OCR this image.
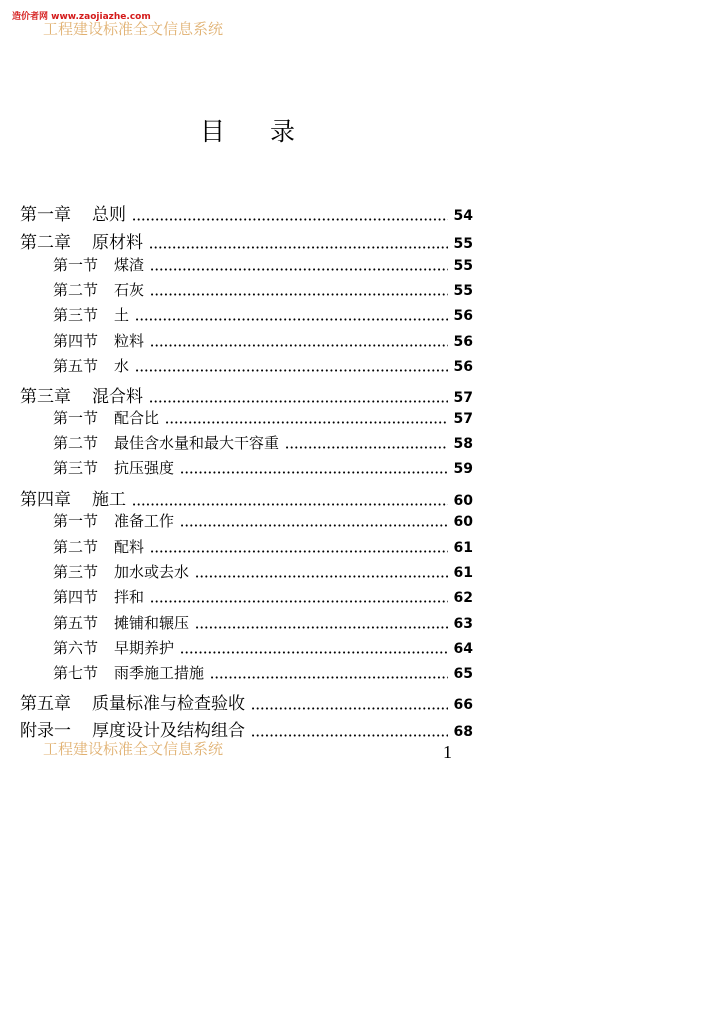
造价者网 www.zaojiazhe.com
工程建设标准全文信息系统
目录
第一章	总则 •••••	54
第二章	原材料 •••••	55
第一节	煤渣 •••••	55
第二节	石灰 •••••	55
第三节	土 •••••	56
第四节	粒料 •••••	56
第五节	水 •••••	56
第三章	混合料 •••••	57
第一节	配合比 •••••	57
第二节	最佳含水量和最大干容重 •••••	58
第三节	抗压强度 •••••	59
第四章	施工 •••••	60
第一节	准备工作 •••••	60
第二节	配料 •••••	61
第三节	加水或去水 •••••	61
第四节	拌和 •••••	62
第五节	摊铺和辗压 •••••	63
第六节	早期养护 •••••	64
第七节	雨季施工措施 •••••	65
第五章	质量标准与检查验收 •••••	66
附录一	厚度设计及结构组合 •••••	68
工程建设标准全文信息系统	1
